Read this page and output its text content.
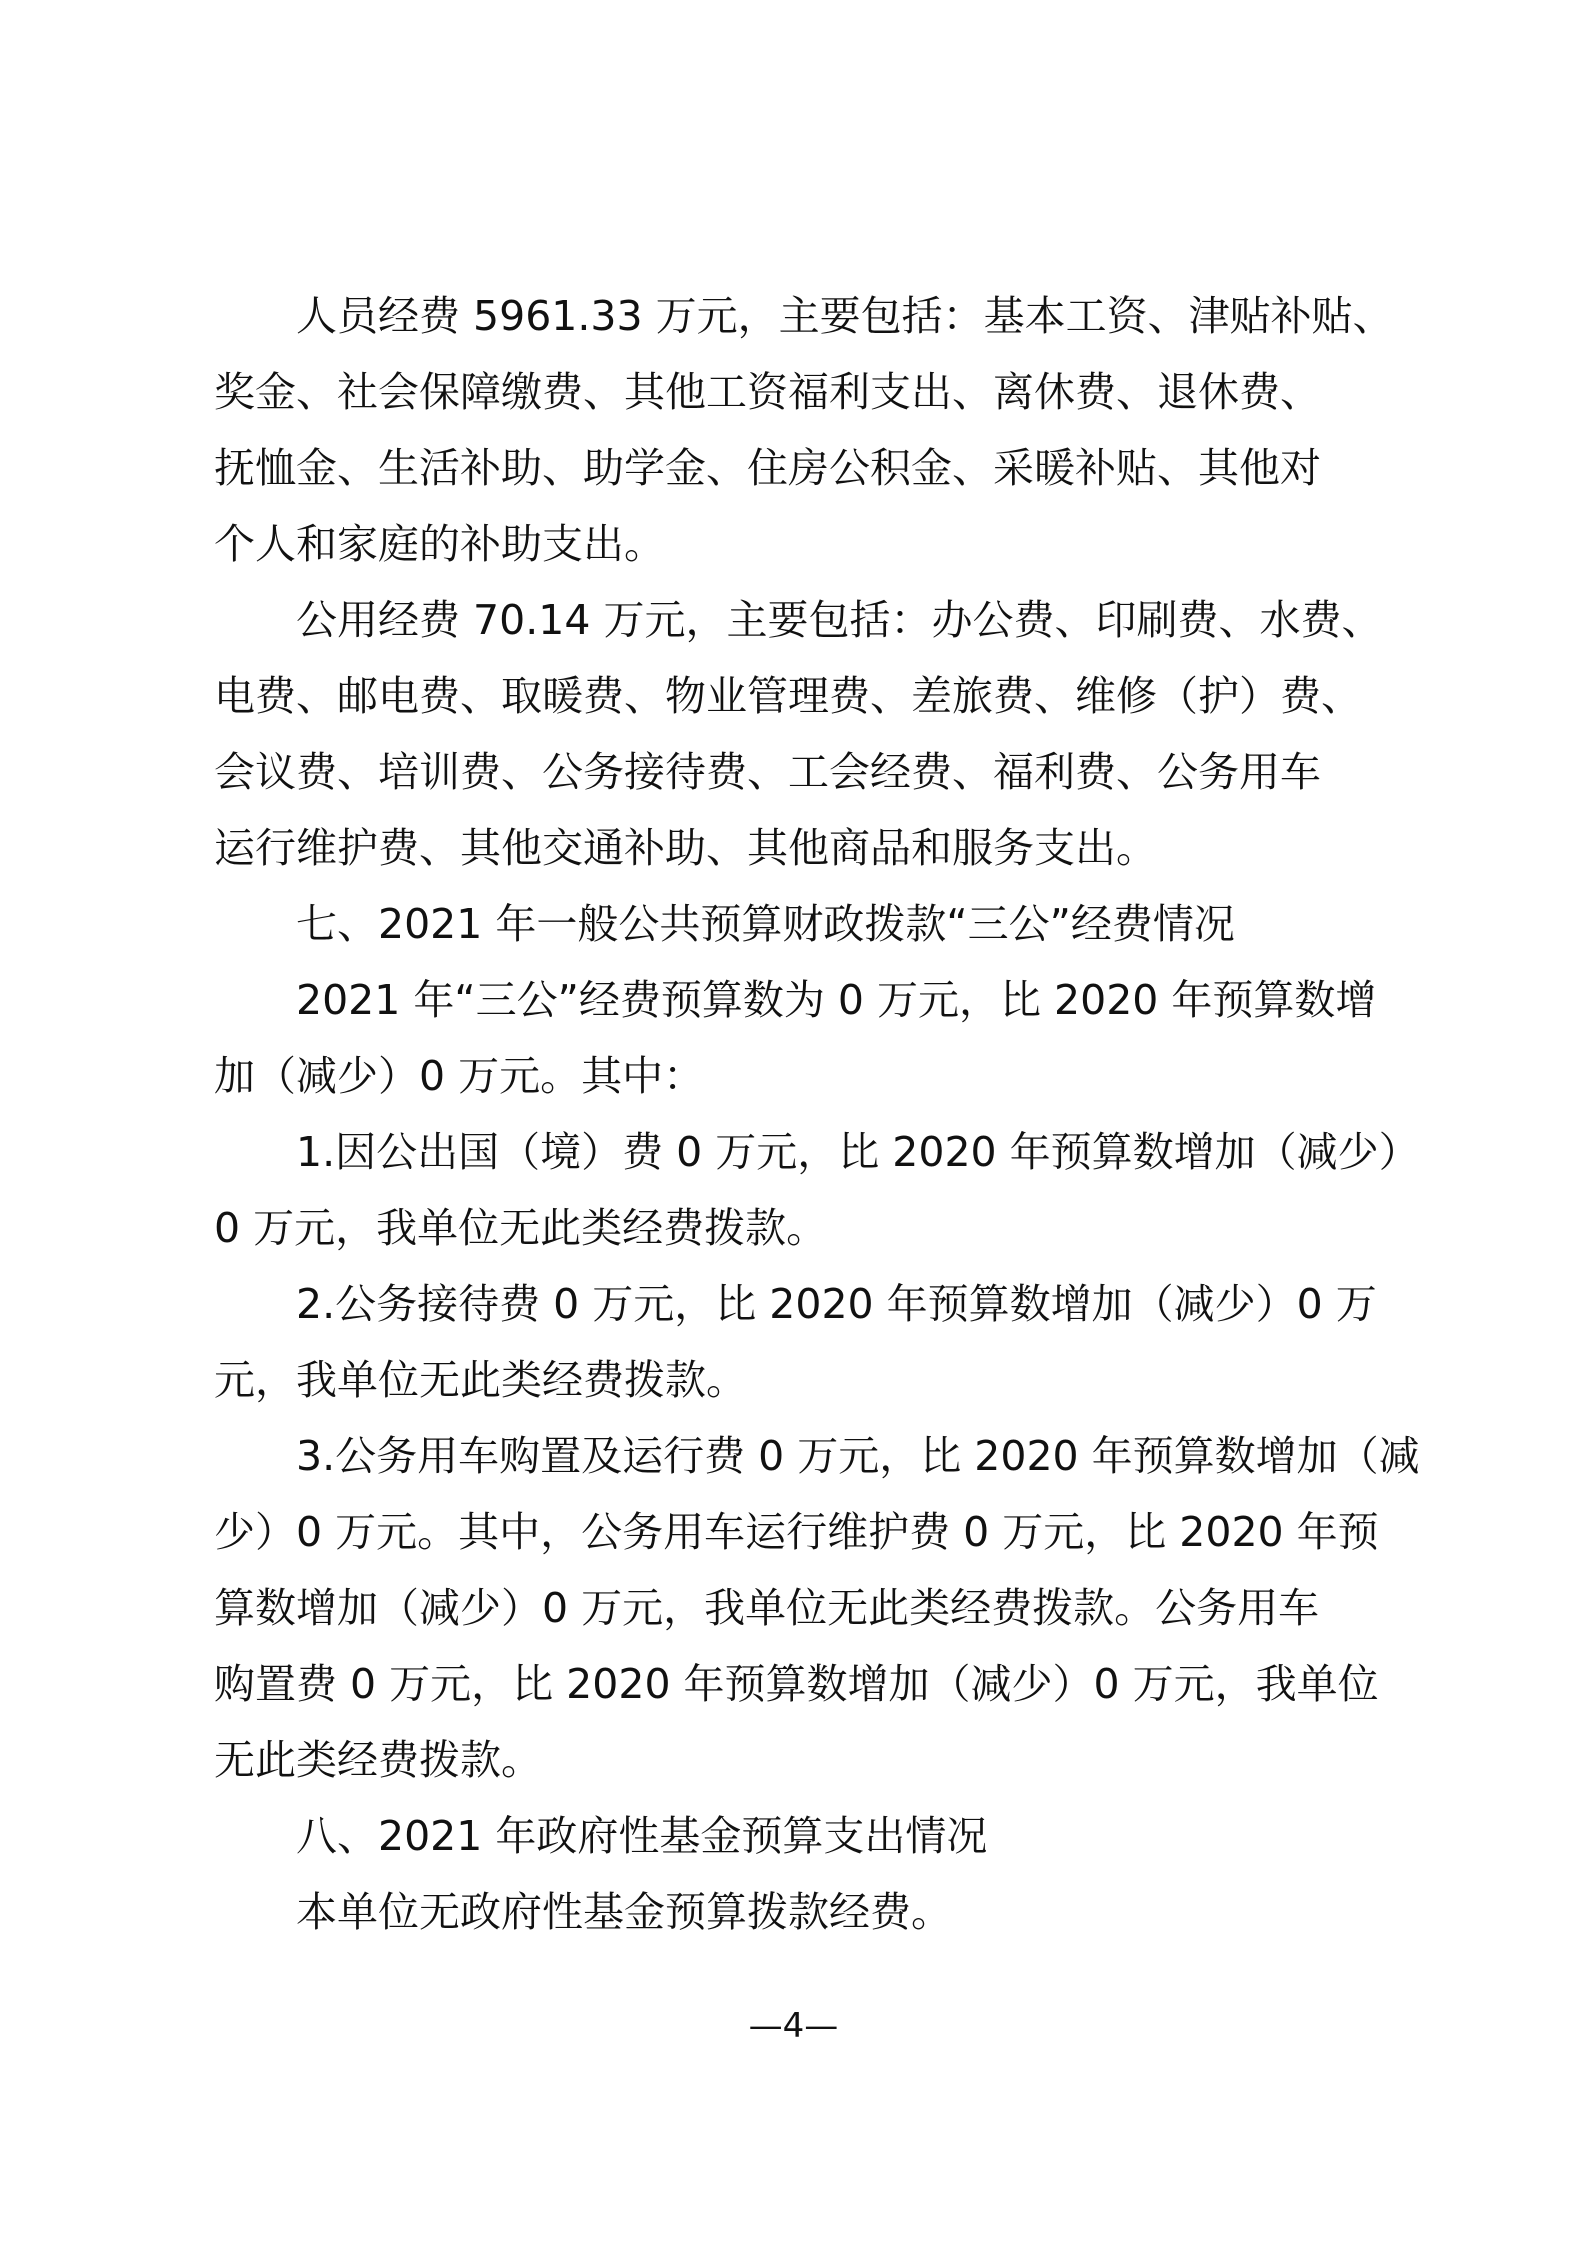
人员经费 5961.33 万元，主要包括：基本工资、津贴补贴、
奖金、社会保障缴费、其他工资福利支出、离休费、退休费、
抚恤金、生活补助、助学金、住房公积金、采暖补贴、其他对
个人和家庭的补助支出。
公用经费 70.14 万元，主要包括：办公费、印刷费、水费、
电费、邮电费、取暖费、物业管理费、差旅费、维修（护）费、
会议费、培训费、公务接待费、工会经费、福利费、公务用车
运行维护费、其他交通补助、其他商品和服务支出。
七、2021 年一般公共预算财政拨款“三公”经费情况
2021 年“三公”经费预算数为 0 万元，比 2020 年预算数增
加（减少）0 万元。其中：
1.因公出国（境）费 0 万元，比 2020 年预算数增加（减少）
0 万元，我单位无此类经费拨款。
2.公务接待费 0 万元，比 2020 年预算数增加（减少）0 万
元，我单位无此类经费拨款。
3.公务用车购置及运行费 0 万元，比 2020 年预算数增加（减
少）0 万元。其中，公务用车运行维护费 0 万元，比 2020 年预
算数增加（减少）0 万元，我单位无此类经费拨款。公务用车
购置费 0 万元，比 2020 年预算数增加（减少）0 万元，我单位
无此类经费拨款。
八、2021 年政府性基金预算支出情况
本单位无政府性基金预算拨款经费。
—4—
